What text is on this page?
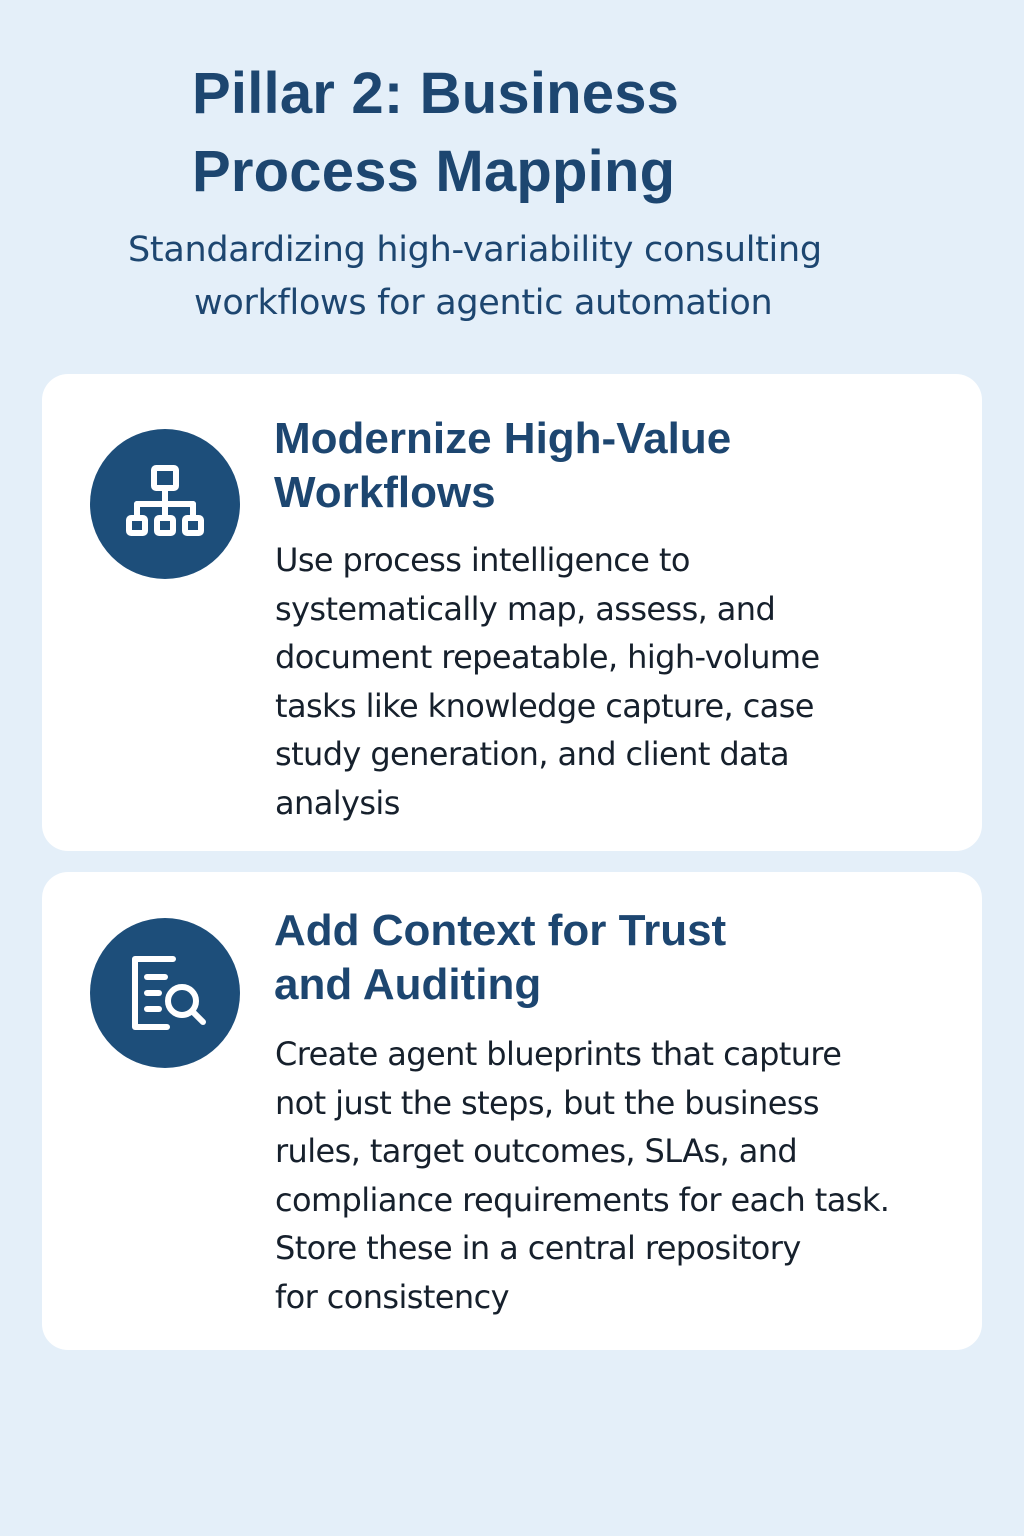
Pillar 2: Business
Process Mapping
Standardizing high-variability consulting
workflows for agentic automation
Modernize High-Value
Workflows
Use process intelligence to
systematically map, assess, and
document repeatable, high-volume
tasks like knowledge capture, case
study generation, and client data
analysis
Add Context for Trust
and Auditing
Create agent blueprints that capture
not just the steps, but the business
rules, target outcomes, SLAs, and
compliance requirements for each task.
Store these in a central repository
for consistency
